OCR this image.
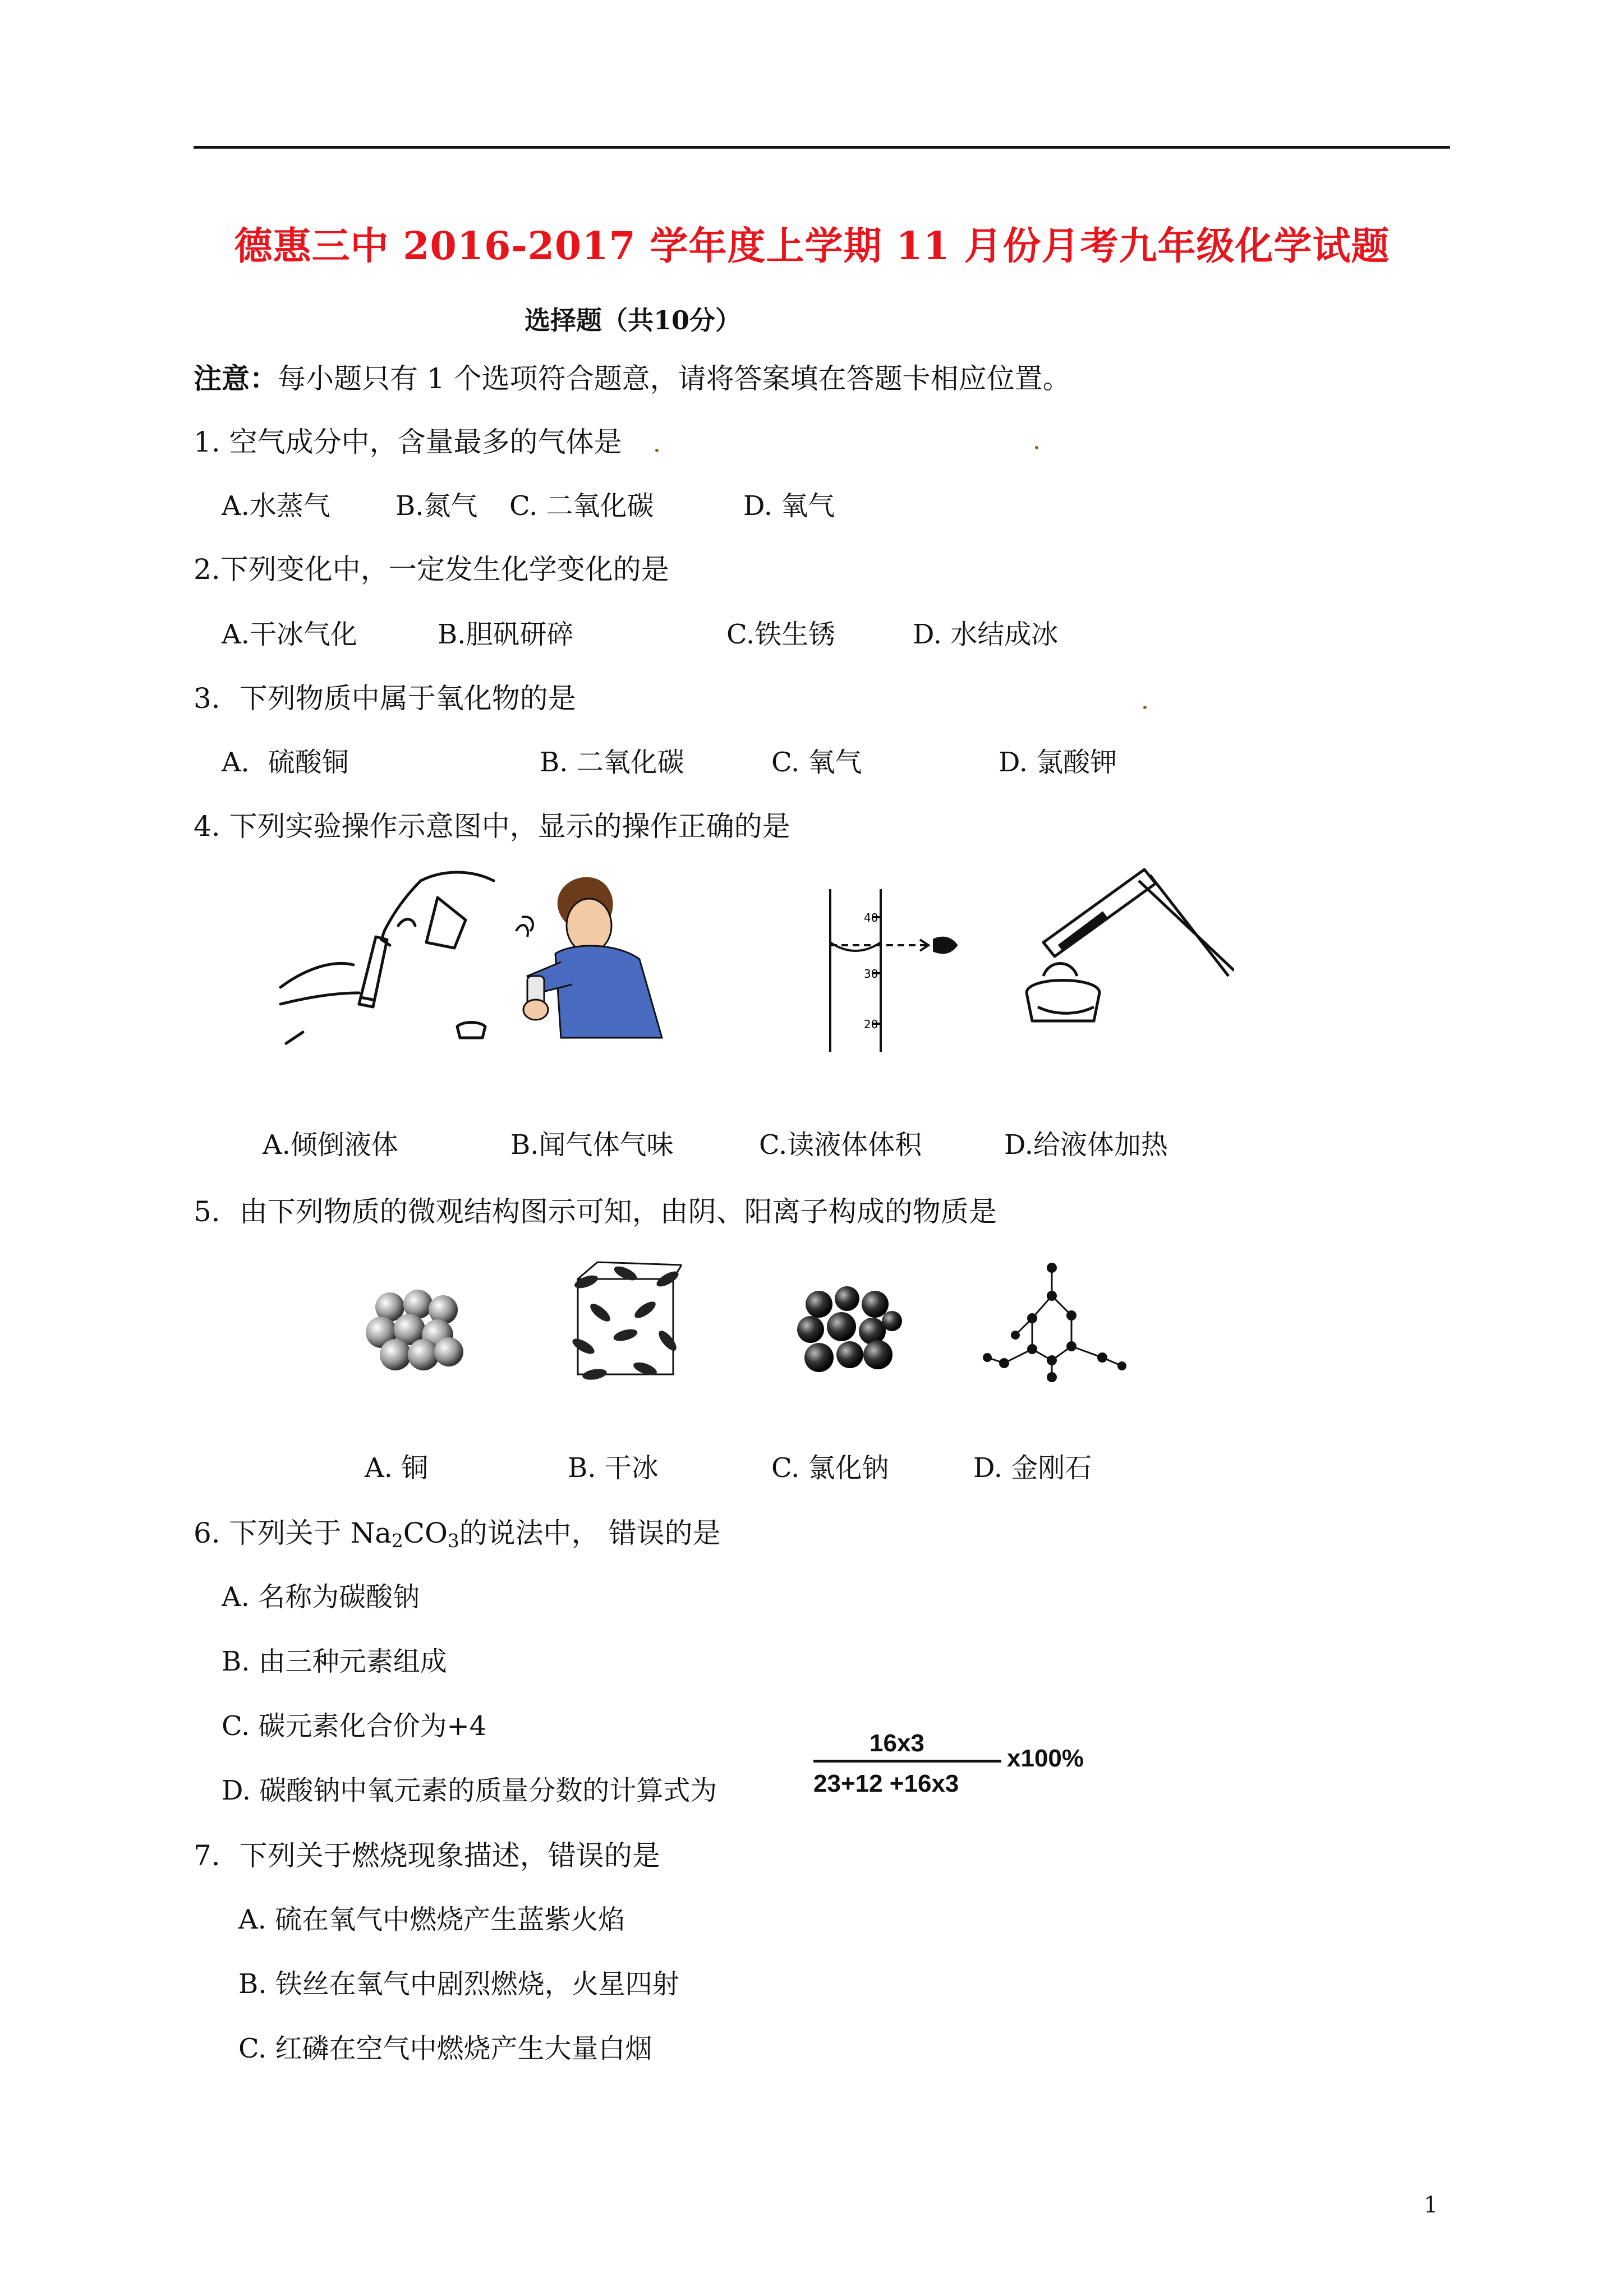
德惠三中 2016-2017 学年度上学期 11 月份月考九年级化学试题
选择题（共10分）
注意：每小题只有 1 个选项符合题意，请将答案填在答题卡相应位置。
1. 空气成分中，含量最多的气体是
A.水蒸气 B.氮气 C. 二氧化碳	D. 氧气
2.下列变化中，一定发生化学变化的是
A.干冰气化	B.胆矾研碎	C.铁生锈	D. 水结成冰
3．下列物质中属于氧化物的是
A．硫酸铜	B. 二氧化碳	C. 氧气	D. 氯酸钾
4. 下列实验操作示意图中，显示的操作正确的是
40
30
20
A.倾倒液体	B.闻气体气味	C.读液体体积	D.给液体加热
5．由下列物质的微观结构图示可知，由阴、阳离子构成的物质是
A. 铜	B. 干冰	C. 氯化钠	D. 金刚石
6. 下列关于 $Na_2CO_3$的说法中， 错误的是
A. 名称为碳酸钠
B. 由三种元素组成
C. 碳元素化合价为+4
D. 碳酸钠中氧元素的质量分数的计算式为
16x3
23+12 +16x3
x100%
7．下列关于燃烧现象描述，错误的是
A. 硫在氧气中燃烧产生蓝紫火焰
B. 铁丝在氧气中剧烈燃烧，火星四射
C. 红磷在空气中燃烧产生大量白烟
1
